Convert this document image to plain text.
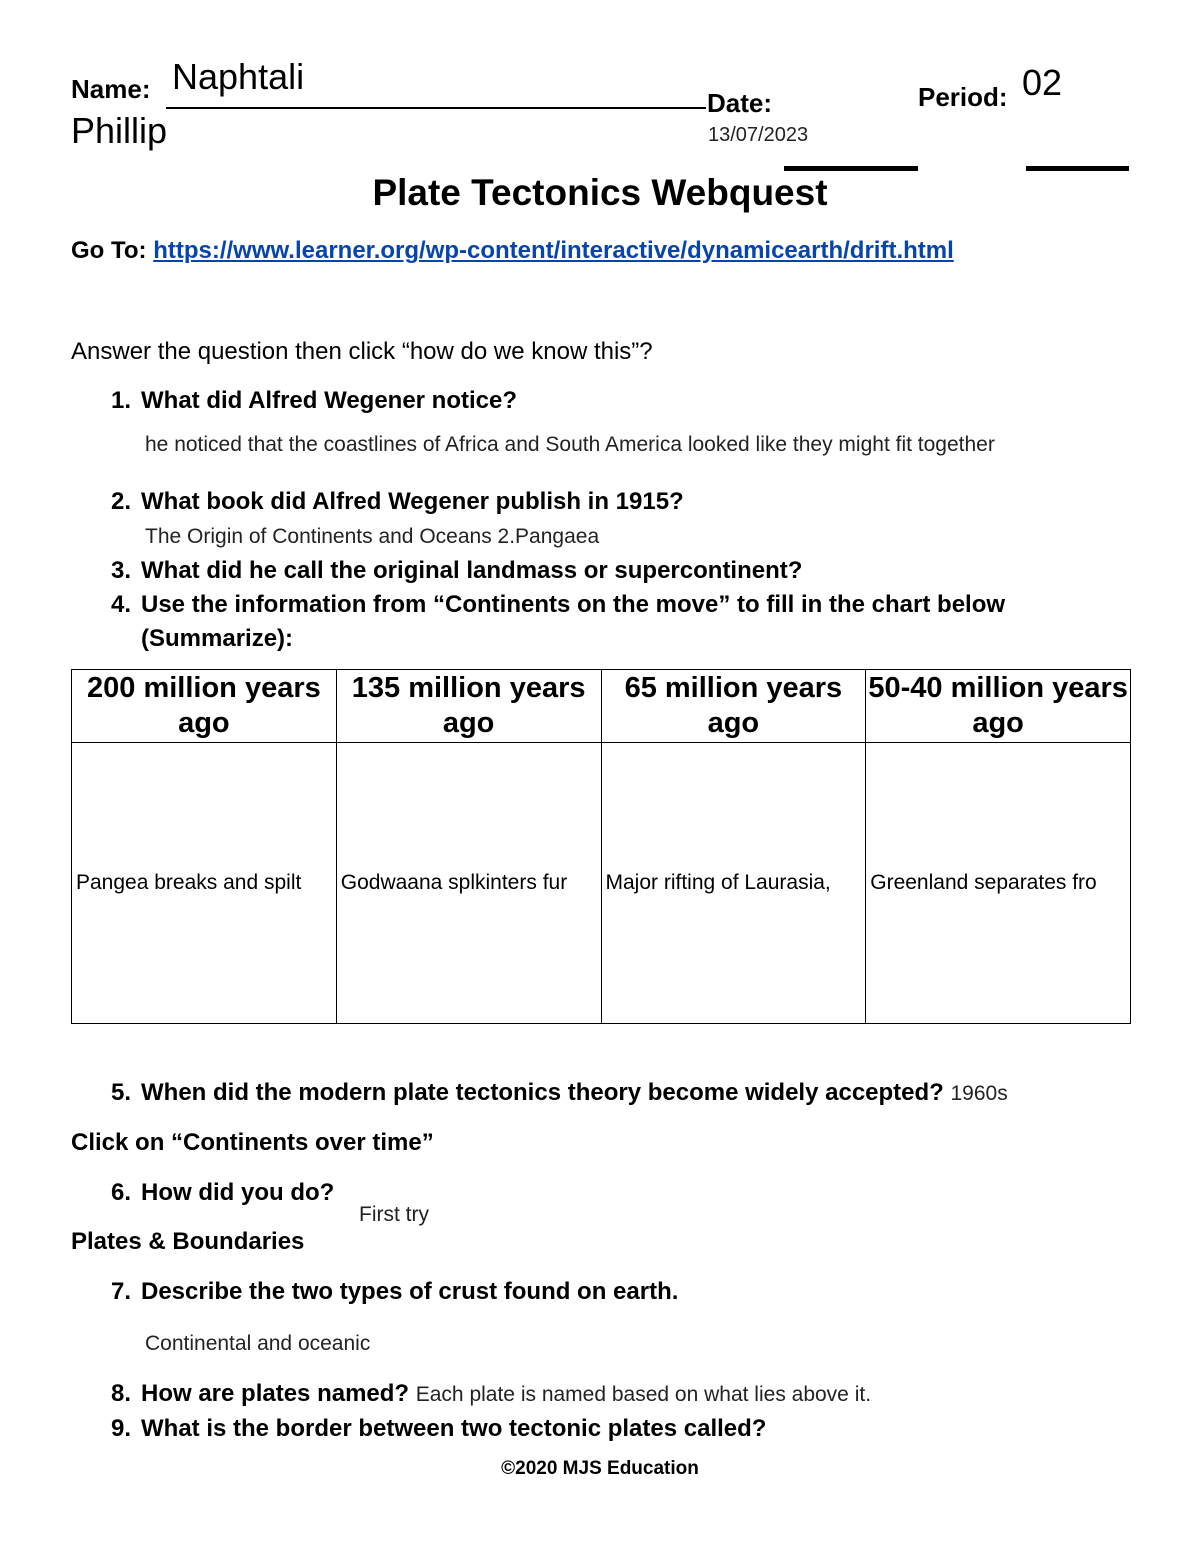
Name: Naphtali
Phillip
Date:
13/07/2023
Period: 02
Plate Tectonics Webquest
Go To: https://www.learner.org/wp-content/interactive/dynamicearth/drift.html
Answer the question then click “how do we know this”?
1. What did Alfred Wegener notice?
he noticed that the coastlines of Africa and South America looked like they might fit together
2. What book did Alfred Wegener publish in 1915?
The Origin of Continents and Oceans 2.Pangaea
3. What did he call the original landmass or supercontinent?
4. Use the information from “Continents on the move” to fill in the chart below
(Summarize):
200 million years ago	135 million years ago	65 million years ago	50-40 million years ago
Pangea breaks and spilt	Godwaana splkinters fur	Major rifting of Laurasia,	Greenland separates fro
5. When did the modern plate tectonics theory become widely accepted? 1960s
Click on “Continents over time”
6. How did you do?
First try
Plates & Boundaries
7. Describe the two types of crust found on earth.
Continental and oceanic
8. How are plates named? Each plate is named based on what lies above it.
9. What is the border between two tectonic plates called?
©2020 MJS Education
